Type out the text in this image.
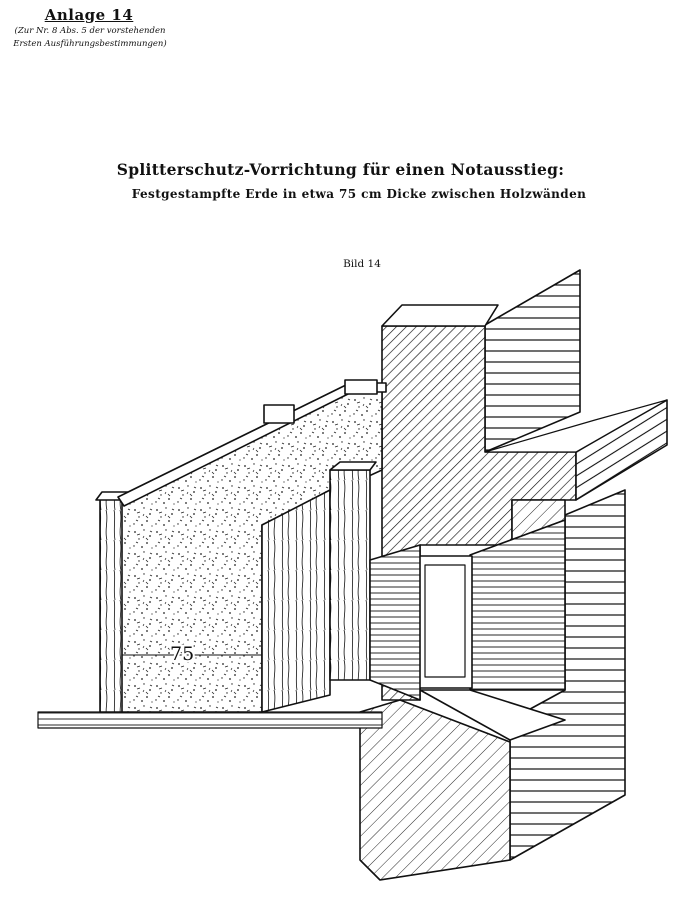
Anlage 14
(Zur Nr. 8 Abs. 5 der vorstehenden
Ersten Ausführungsbestimmungen)
Splitterschutz-Vorrichtung für einen Notausstieg:
Festgestampfte Erde in etwa 75 cm Dicke zwischen Holzwänden
Bild 14
75
